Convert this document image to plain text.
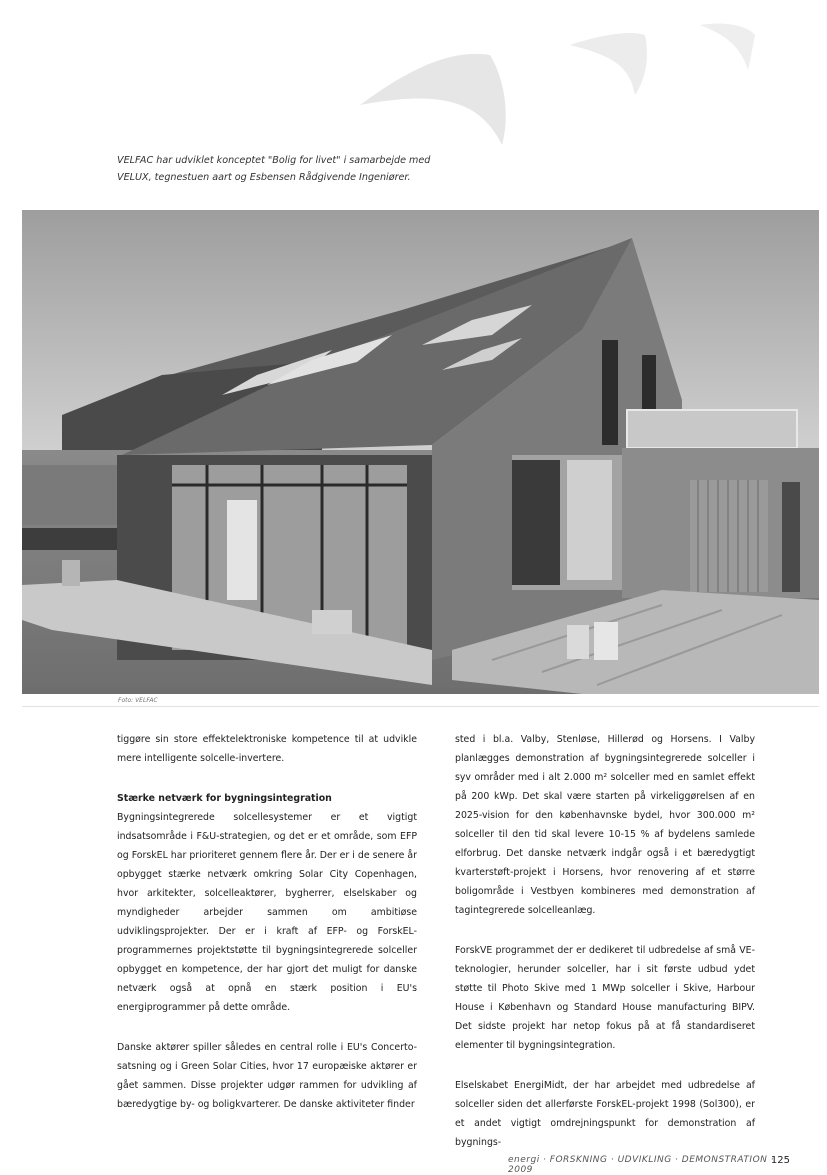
VELFAC har udviklet konceptet "Bolig for livet" i samarbejde med

VELUX, tegnestuen aart og Esbensen Rådgivende Ingeniører.

Foto: VELFAC

tiggøre sin store effektelektroniske kompetence til at udvikle mere intelligente solcelle-invertere.

Stærke netværk for bygningsintegration

Bygningsintegrerede solcellesystemer er et vigtigt indsatsområde i F&U-strategien, og det er et område, som EFP og ForskEL har prioriteret gennem flere år. Der er i de senere år opbygget stærke netværk omkring Solar City Copenhagen, hvor arkitekter, solcelleaktører, bygherrer, elselskaber og myndigheder arbejder sammen om ambitiøse udviklingsprojekter. Der er i kraft af EFP- og ForskEL-programmernes projektstøtte til bygningsintegrerede solceller opbygget en kompetence, der har gjort det muligt for danske netværk også at opnå en stærk position i EU's energiprogrammer på dette område.

Danske aktører spiller således en central rolle i EU's Concerto-satsning og i Green Solar Cities, hvor 17 europæiske aktører er gået sammen. Disse projekter udgør rammen for udvikling af bæredygtige by- og boligkvarterer. De danske aktiviteter finder

sted i bl.a. Valby, Stenløse, Hillerød og Horsens. I Valby planlægges demonstration af bygningsintegrerede solceller i syv områder med i alt 2.000 m² solceller med en samlet effekt på 200 kWp. Det skal være starten på virkeliggørelsen af en 2025-vision for den københavnske bydel, hvor 300.000 m² solceller til den tid skal levere 10-15 % af bydelens samlede elforbrug. Det danske netværk indgår også i et bæredygtigt kvarterstøft-projekt i Horsens, hvor renovering af et større boligområde i Vestbyen kombineres med demonstration af tagintegrerede solcelleanlæg.

ForskVE programmet der er dedikeret til udbredelse af små VE-teknologier, herunder solceller, har i sit første udbud ydet støtte til Photo Skive med 1 MWp solceller i Skive, Harbour House i København og Standard House manufacturing BIPV. Det sidste projekt har netop fokus på at få standardiseret elementer til bygningsintegration.

Elselskabet EnergiMidt, der har arbejdet med udbredelse af solceller siden det allerførste ForskEL-projekt 1998 (Sol300), er et andet vigtigt omdrejningspunkt for demonstration af bygnings-

energi · FORSKNING · UDVIKLING · DEMONSTRATION · 2009
125
